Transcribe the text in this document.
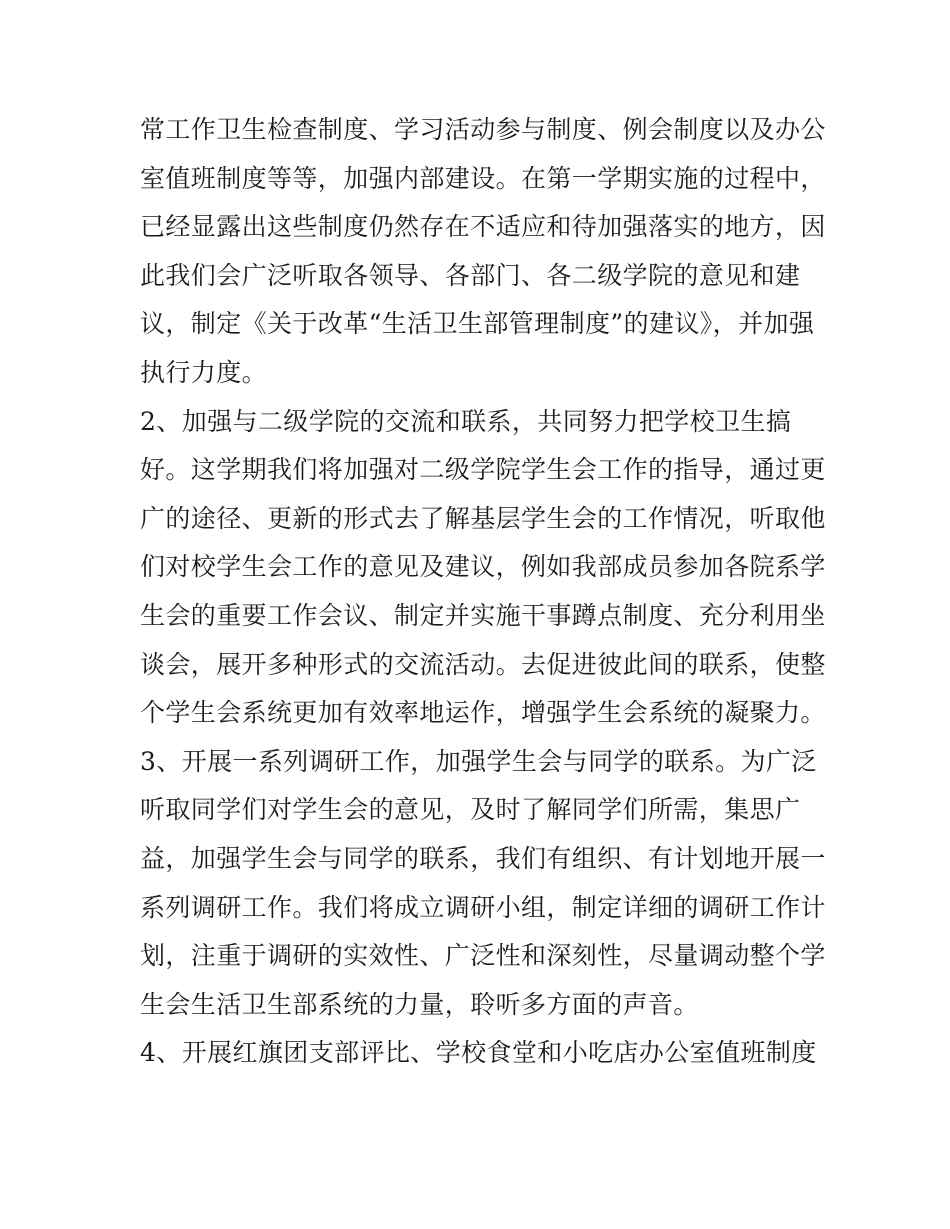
常工作卫生检查制度、学习活动参与制度、例会制度以及办公
室值班制度等等，加强内部建设。在第一学期实施的过程中，
已经显露出这些制度仍然存在不适应和待加强落实的地方，因
此我们会广泛听取各领导、各部门、各二级学院的意见和建
议，制定《关于改革“生活卫生部管理制度”的建议》，并加强
执行力度。
2、加强与二级学院的交流和联系，共同努力把学校卫生搞
好。这学期我们将加强对二级学院学生会工作的指导，通过更
广的途径、更新的形式去了解基层学生会的工作情况，听取他
们对校学生会工作的意见及建议，例如我部成员参加各院系学
生会的重要工作会议、制定并实施干事蹲点制度、充分利用坐
谈会，展开多种形式的交流活动。去促进彼此间的联系，使整
个学生会系统更加有效率地运作，增强学生会系统的凝聚力。
3、开展一系列调研工作，加强学生会与同学的联系。为广泛
听取同学们对学生会的意见，及时了解同学们所需，集思广
益，加强学生会与同学的联系，我们有组织、有计划地开展一
系列调研工作。我们将成立调研小组，制定详细的调研工作计
划，注重于调研的实效性、广泛性和深刻性，尽量调动整个学
生会生活卫生部系统的力量，聆听多方面的声音。
4、开展红旗团支部评比、学校食堂和小吃店办公室值班制度
